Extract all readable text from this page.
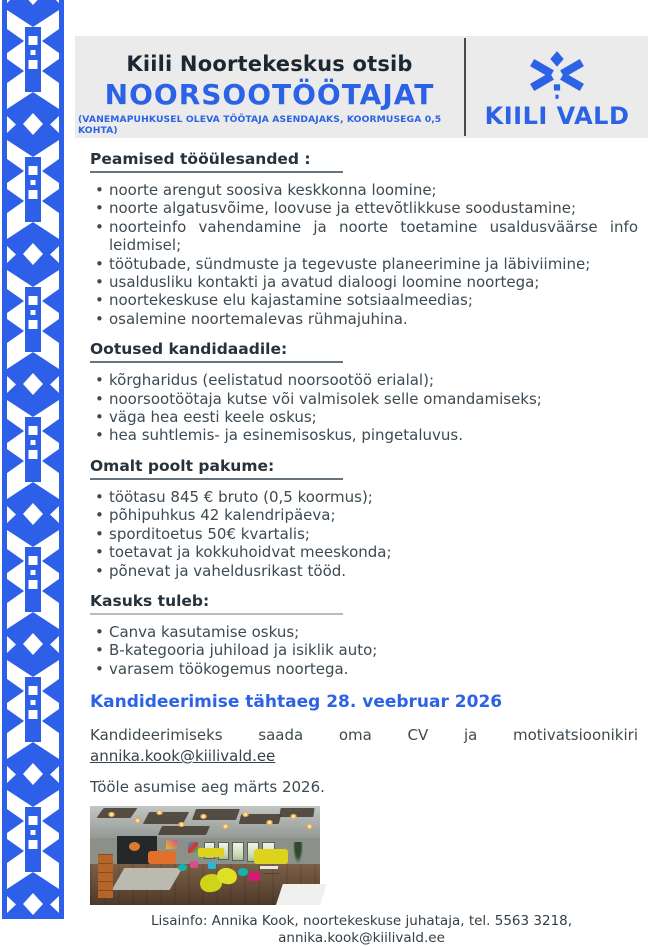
Kiili Noortekeskus otsib
NOORSOOTÖÖTAJAT
(VANEMAPUHKUSEL OLEVA TÖÖTAJA ASENDAJAKS, KOORMUSEGA 0,5 KOHTA)
KIILI VALD
Peamised tööülesanded :
• noorte arengut soosiva keskkonna loomine;
• noorte algatusvõime, loovuse ja ettevõtlikkuse soodustamine;
• noorteinfo vahendamine ja noorte toetamine usaldusväärse info leidmisel;
• töötubade, sündmuste ja tegevuste planeerimine ja läbiviimine;
• usaldusliku kontakti ja avatud dialoogi loomine noortega;
• noortekeskuse elu kajastamine sotsiaalmeedias;
• osalemine noortemalevas rühmajuhina.
Ootused kandidaadile:
• kõrgharidus (eelistatud noorsootöö erialal);
• noorsootöötaja kutse või valmisolek selle omandamiseks;
• väga hea eesti keele oskus;
• hea suhtlemis- ja esinemisoskus, pingetaluvus.
Omalt poolt pakume:
• töötasu 845 € bruto (0,5 koormus);
• põhipuhkus 42 kalendripäeva;
• sporditoetus 50€ kvartalis;
• toetavat ja kokkuhoidvat meeskonda;
• põnevat ja vaheldusrikast tööd.
Kasuks tuleb:
• Canva kasutamise oskus;
• B-kategooria juhiload ja isiklik auto;
• varasem töökogemus noortega.
Kandideerimise tähtaeg 28. veebruar 2026
Kandideerimiseks saada oma CV ja motivatsioonikiri
annika.kook@kiilivald.ee
Tööle asumise aeg märts 2026.
Lisainfo: Annika Kook, noortekeskuse juhataja, tel. 5563 3218,
annika.kook@kiilivald.ee
